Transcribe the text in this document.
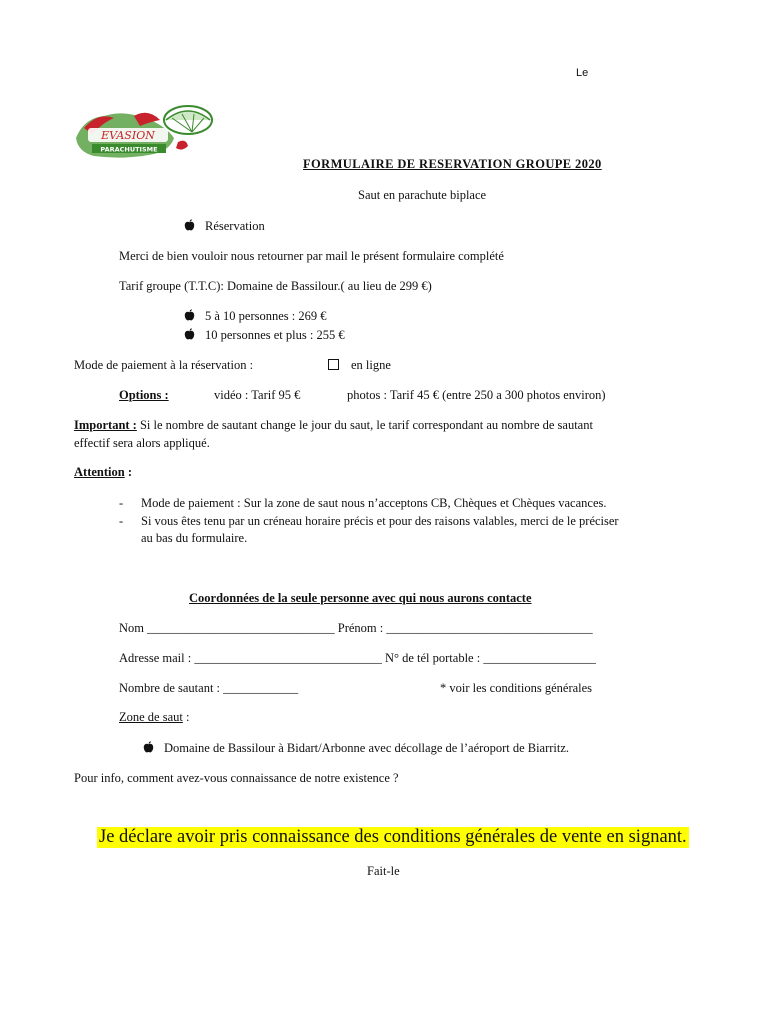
Le
EVASION
PARACHUTISME
FORMULAIRE DE RESERVATION GROUPE 2020
Saut en parachute biplace
Réservation
Merci de bien vouloir nous retourner par mail le présent formulaire complété
Tarif groupe (T.T.C): Domaine de Bassilour.( au lieu de 299 €)
5 à 10 personnes : 269 €
10 personnes et plus : 255 €
Mode de paiement à la réservation :	en ligne
Options :	vidéo : Tarif 95 €	photos : Tarif 45 € (entre 250 a 300 photos environ)
Important : Si le nombre de sautant change le jour du saut, le tarif correspondant au nombre de sautant
effectif sera alors appliqué.
Attention :
- Mode de paiement : Sur la zone de saut nous n’acceptons CB, Chèques et Chèques vacances.
- Si vous êtes tenu par un créneau horaire précis et pour des raisons valables, merci de le préciser
au bas du formulaire.
Coordonnées de la seule personne avec qui nous aurons contacte
Nom ______________________________ Prénom : _________________________________
Adresse mail : ______________________________ N° de tél portable : __________________
Nombre de sautant : ____________	* voir les conditions générales
Zone de saut :
Domaine de Bassilour à Bidart/Arbonne avec décollage de l’aéroport de Biarritz.
Pour info, comment avez-vous connaissance de notre existence ?
Je déclare avoir pris connaissance des conditions générales de vente en signant.
Fait-le
